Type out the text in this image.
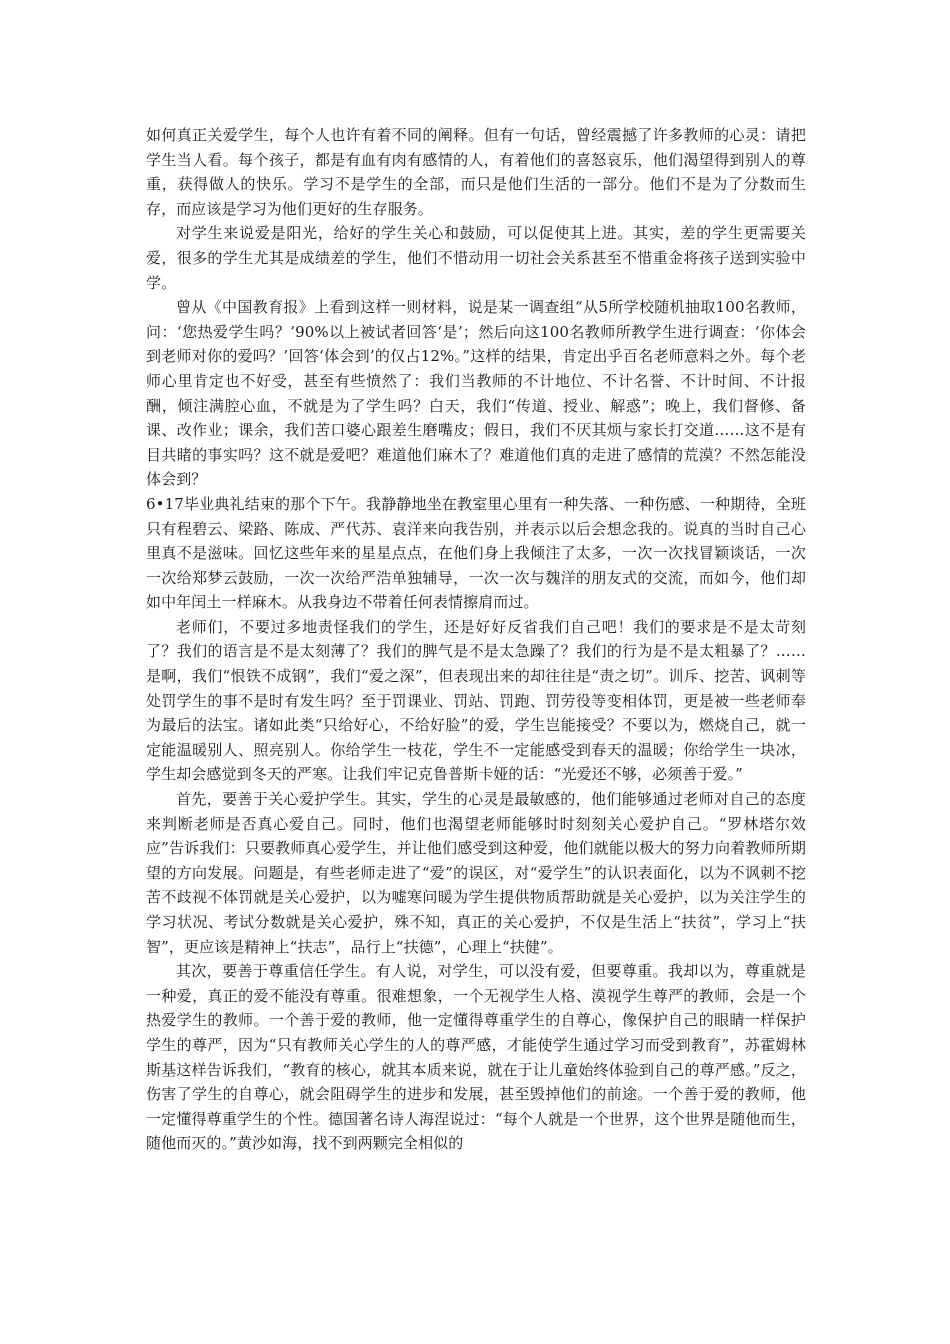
如何真正关爱学生，每个人也许有着不同的阐释。但有一句话，曾经震撼了许多教师的心灵：请把学生当人看。每个孩子，都是有血有肉有感情的人，有着他们的喜怒哀乐，他们渴望得到别人的尊重，获得做人的快乐。学习不是学生的全部，而只是他们生活的一部分。他们不是为了分数而生存，而应该是学习为他们更好的生存服务。

对学生来说爱是阳光，给好的学生关心和鼓励，可以促使其上进。其实，差的学生更需要关爱，很多的学生尤其是成绩差的学生，他们不惜动用一切社会关系甚至不惜重金将孩子送到实验中学。

曾从《中国教育报》上看到这样一则材料，说是某一调查组“从5所学校随机抽取100名教师，问：‘您热爱学生吗？’90%以上被试者回答‘是’；然后向这100名教师所教学生进行调查：‘你体会到老师对你的爱吗？’回答‘体会到’的仅占12%。”这样的结果，肯定出乎百名老师意料之外。每个老师心里肯定也不好受，甚至有些愤然了：我们当教师的不计地位、不计名誉、不计时间、不计报酬，倾注满腔心血，不就是为了学生吗？白天，我们“传道、授业、解惑”；晚上，我们督修、备课、改作业；课余，我们苦口婆心跟差生磨嘴皮；假日，我们不厌其烦与家长打交道……这不是有目共睹的事实吗？这不就是爱吧？难道他们麻木了？难道他们真的走进了感情的荒漠？不然怎能没体会到？

6•17毕业典礼结束的那个下午。我静静地坐在教室里心里有一种失落、一种伤感、一种期待，全班只有程碧云、梁路、陈成、严代苏、袁洋来向我告别，并表示以后会想念我的。说真的当时自己心里真不是滋味。回忆这些年来的星星点点，在他们身上我倾注了太多，一次一次找冒颖谈话，一次一次给郑梦云鼓励，一次一次给严浩单独辅导，一次一次与魏洋的朋友式的交流，而如今，他们却如中年闰土一样麻木。从我身边不带着任何表情擦肩而过。

老师们，不要过多地责怪我们的学生，还是好好反省我们自己吧！我们的要求是不是太苛刻了？我们的语言是不是太刻薄了？我们的脾气是不是太急躁了？我们的行为是不是太粗暴了？……是啊，我们“恨铁不成钢”，我们“爱之深”，但表现出来的却往往是“责之切”。训斥、挖苦、讽刺等处罚学生的事不是时有发生吗？至于罚课业、罚站、罚跑、罚劳役等变相体罚，更是被一些老师奉为最后的法宝。诸如此类“只给好心，不给好脸”的爱，学生岂能接受？不要以为，燃烧自己，就一定能温暖别人、照亮别人。你给学生一枝花，学生不一定能感受到春天的温暖；你给学生一块冰，学生却会感觉到冬天的严寒。让我们牢记克鲁普斯卡娅的话：“光爱还不够，必须善于爱。”

首先，要善于关心爱护学生。其实，学生的心灵是最敏感的，他们能够通过老师对自己的态度来判断老师是否真心爱自己。同时，他们也渴望老师能够时时刻刻关心爱护自己。“罗林塔尔效应”告诉我们：只要教师真心爱学生，并让他们感受到这种爱，他们就能以极大的努力向着教师所期望的方向发展。问题是，有些老师走进了“爱”的误区，对“爱学生”的认识表面化，以为不讽刺不挖苦不歧视不体罚就是关心爱护，以为嘘寒问暖为学生提供物质帮助就是关心爱护，以为关注学生的学习状况、考试分数就是关心爱护，殊不知，真正的关心爱护，不仅是生活上“扶贫”，学习上“扶智”，更应该是精神上“扶志”，品行上“扶德”，心理上“扶健”。

其次，要善于尊重信任学生。有人说，对学生，可以没有爱，但要尊重。我却以为，尊重就是一种爱，真正的爱不能没有尊重。很难想象，一个无视学生人格、漠视学生尊严的教师，会是一个热爱学生的教师。一个善于爱的教师，他一定懂得尊重学生的自尊心，像保护自己的眼睛一样保护学生的尊严，因为“只有教师关心学生的人的尊严感，才能使学生通过学习而受到教育”，苏霍姆林斯基这样告诉我们，“教育的核心，就其本质来说，就在于让儿童始终体验到自己的尊严感。”反之，伤害了学生的自尊心，就会阻碍学生的进步和发展，甚至毁掉他们的前途。一个善于爱的教师，他一定懂得尊重学生的个性。德国著名诗人海涅说过：“每个人就是一个世界，这个世界是随他而生，随他而灭的。”黄沙如海，找不到两颗完全相似的
